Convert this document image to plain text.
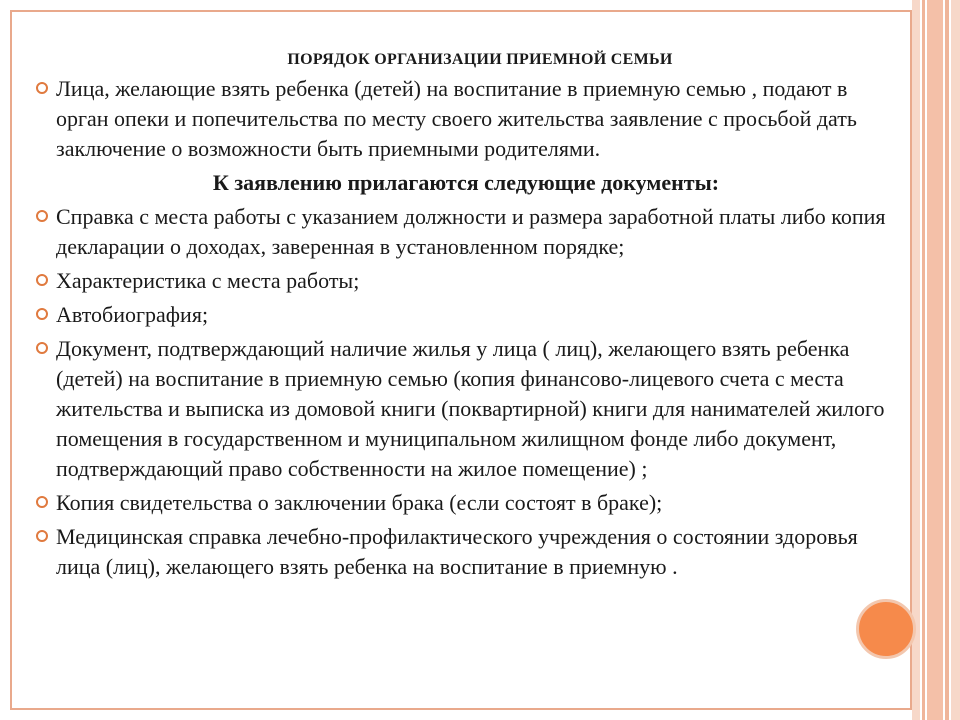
ПОРЯДОК ОРГАНИЗАЦИИ ПРИЕМНОЙ СЕМЬИ
Лица, желающие взять ребенка (детей) на воспитание в приемную семью , подают в орган опеки и попечительства по месту своего жительства заявление с просьбой дать заключение о возможности быть приемными родителями.
К заявлению прилагаются следующие документы:
Справка с места работы с указанием должности и размера заработной платы либо копия декларации о доходах, заверенная в установленном порядке;
Характеристика с места работы;
Автобиография;
Документ, подтверждающий наличие жилья у лица ( лиц), желающего взять ребенка (детей) на воспитание в приемную семью (копия финансово-лицевого счета с места жительства и выписка из домовой книги (поквартирной) книги для нанимателей жилого помещения в государственном и муниципальном жилищном фонде либо документ, подтверждающий право собственности на жилое помещение) ;
Копия свидетельства о заключении брака (если состоят в браке);
Медицинская справка лечебно-профилактического учреждения о состоянии здоровья лица (лиц), желающего взять ребенка на воспитание в приемную .
